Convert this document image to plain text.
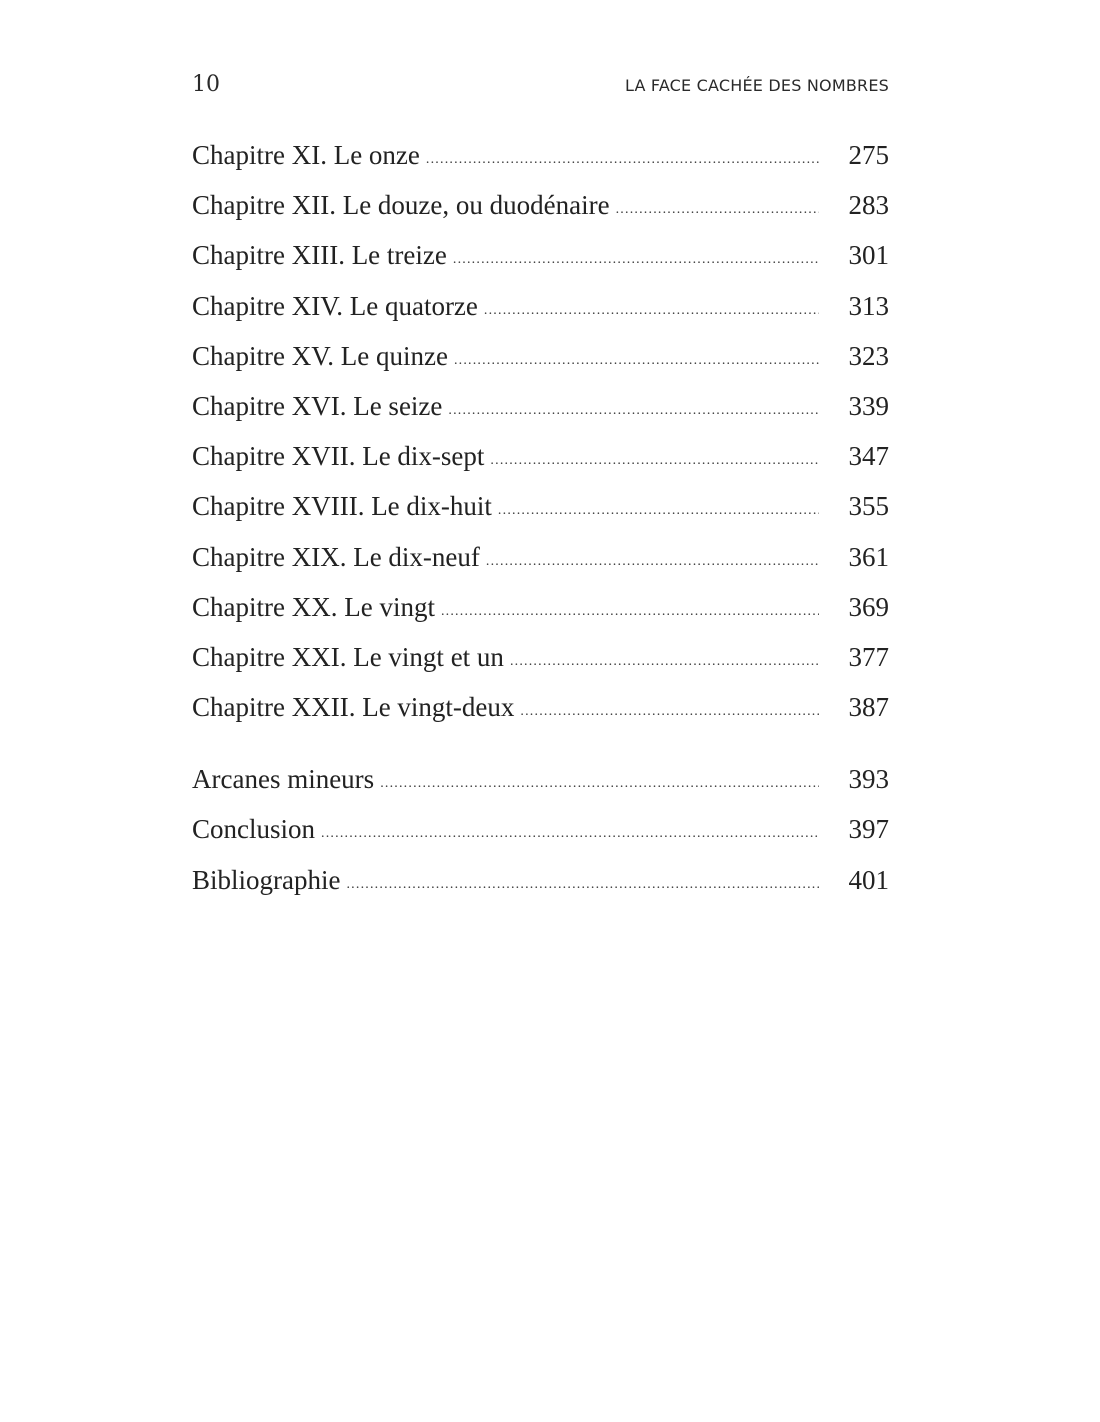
10	LA FACE CACHÉE DES NOMBRES
Chapitre XI. Le onze .....	275
Chapitre XII. Le douze, ou duodénaire .....	283
Chapitre XIII. Le treize .....	301
Chapitre XIV. Le quatorze .....	313
Chapitre XV. Le quinze .....	323
Chapitre XVI. Le seize .....	339
Chapitre XVII. Le dix-sept .....	347
Chapitre XVIII. Le dix-huit .....	355
Chapitre XIX. Le dix-neuf .....	361
Chapitre XX. Le vingt .....	369
Chapitre XXI. Le vingt et un .....	377
Chapitre XXII. Le vingt-deux .....	387
Arcanes mineurs .....	393
Conclusion .....	397
Bibliographie .....	401
